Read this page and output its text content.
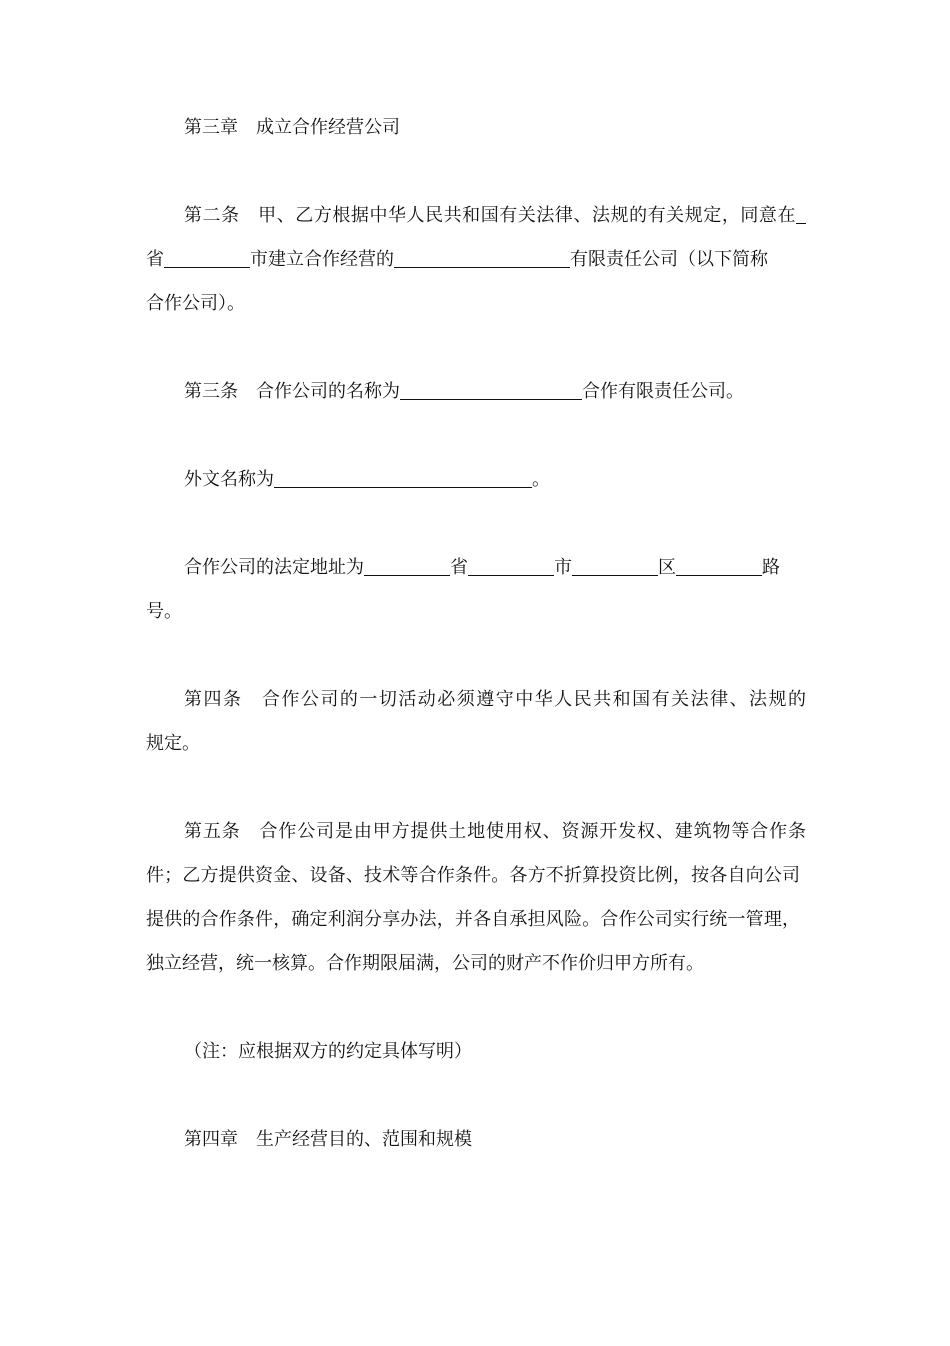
第三章 成立合作经营公司
第二条 甲、乙方根据中华人民共和国有关法律、法规的有关规定，同意在
省	市建立合作经营的	有限责任公司（以下简称
合作公司）。
第三条 合作公司的名称为	合作有限责任公司。
外文名称为	。
合作公司的法定地址为	省	市	区	路
号。
第四条 合作公司的一切活动必须遵守中华人民共和国有关法律、法规的
规定。
第五条 合作公司是由甲方提供土地使用权、资源开发权、建筑物等合作条
件；乙方提供资金、设备、技术等合作条件。各方不折算投资比例，按各自向公司
提供的合作条件，确定利润分享办法，并各自承担风险。合作公司实行统一管理，
独立经营，统一核算。合作期限届满，公司的财产不作价归甲方所有。
（注：应根据双方的约定具体写明）
第四章 生产经营目的、范围和规模
